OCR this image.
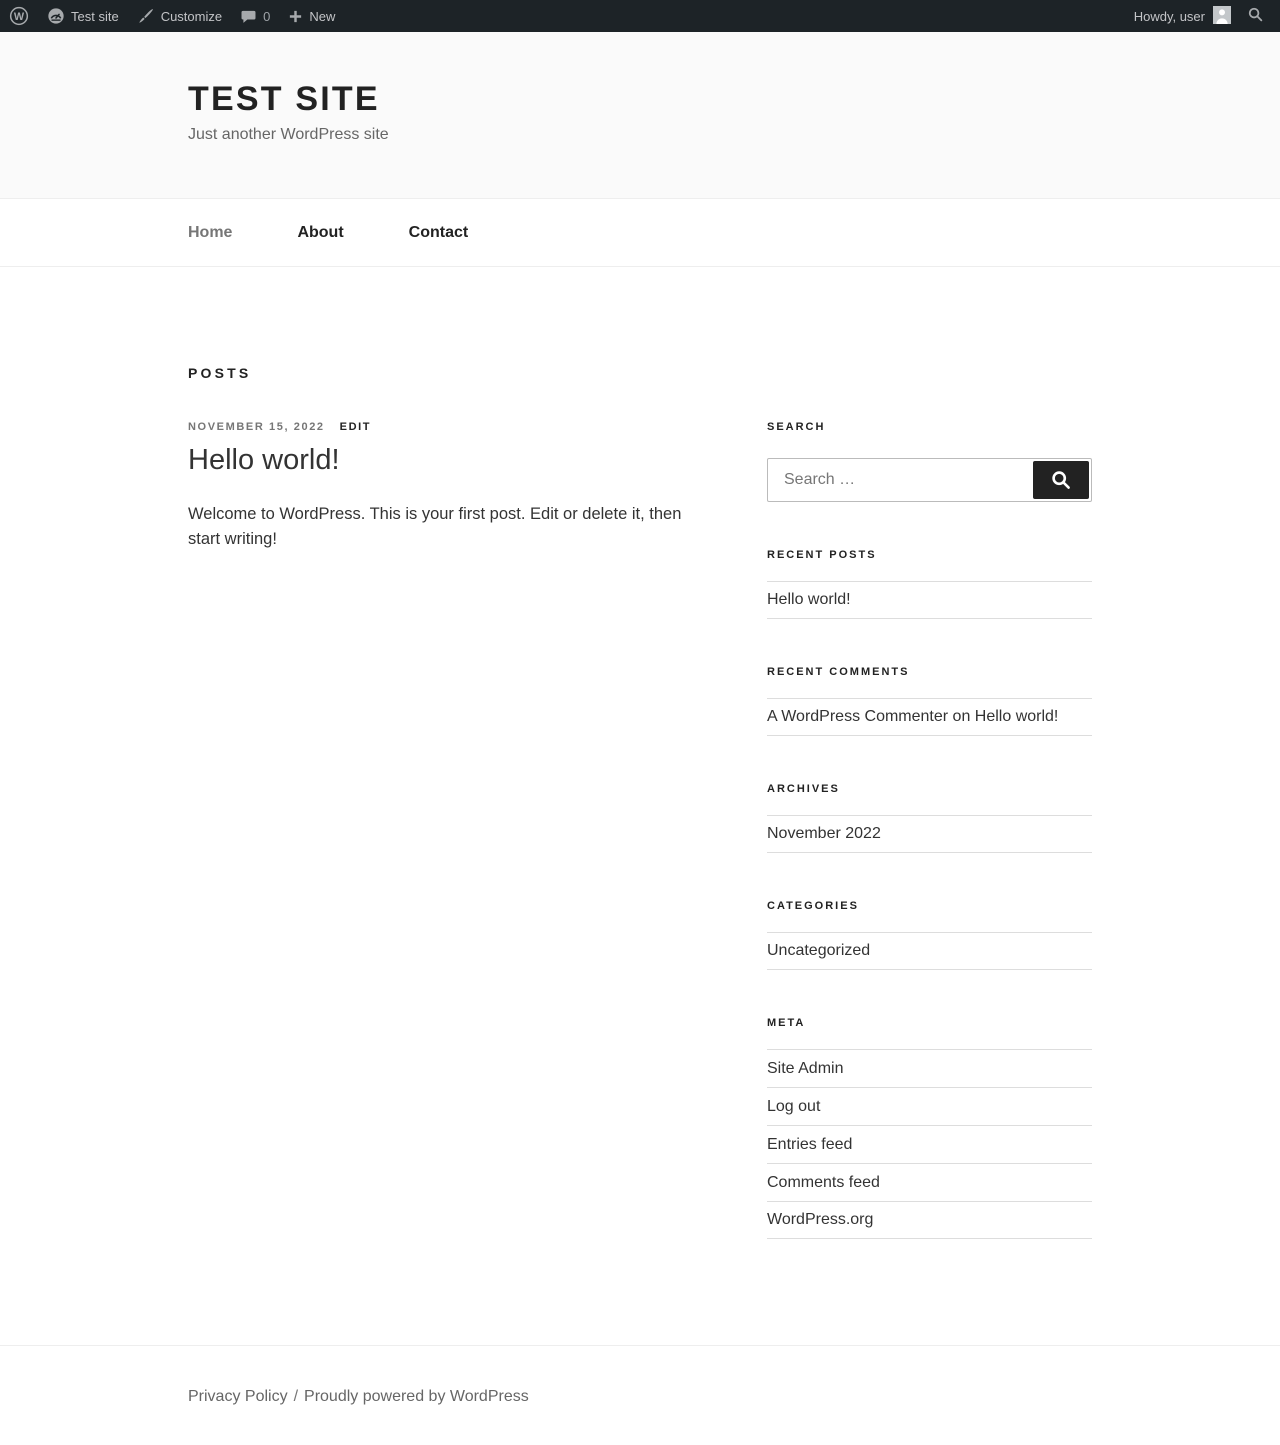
W	Test site	Customize	0	New	Howdy, user
TEST SITE
Just another WordPress site
Home	About	Contact
POSTS
NOVEMBER 15, 2022 EDIT
Hello world!

Welcome to WordPress. This is your first post. Edit or delete it, then start writing!

SEARCH
Search …
RECENT POSTS
Hello world!
RECENT COMMENTS
A WordPress Commenter on Hello world!
ARCHIVES
November 2022
CATEGORIES
Uncategorized
META
Site Admin
Log out
Entries feed
Comments feed
WordPress.org
Privacy Policy / Proudly powered by WordPress
